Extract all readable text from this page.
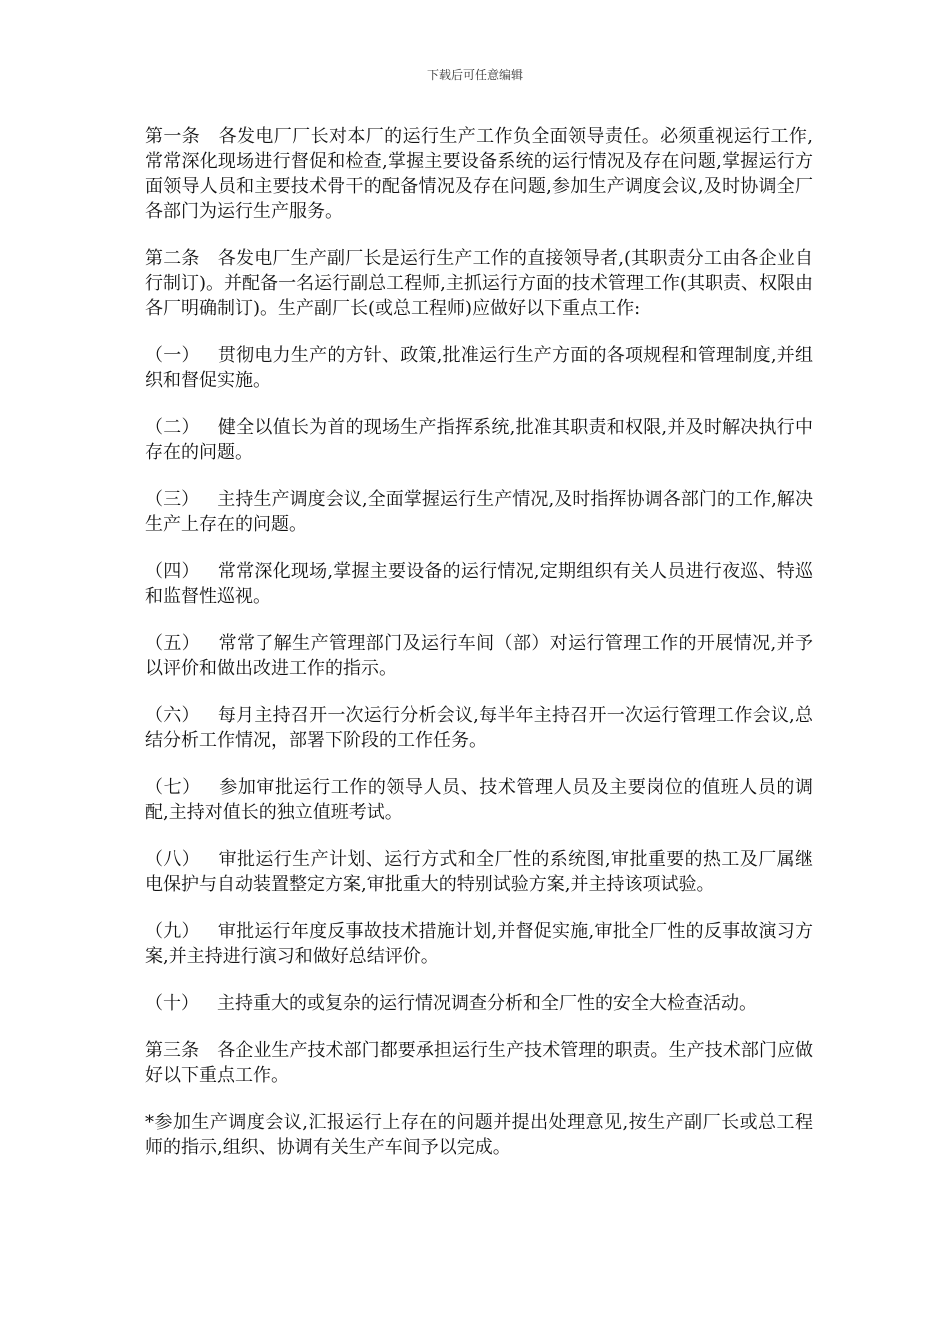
下载后可任意编辑

第一条  各发电厂厂长对本厂的运行生产工作负全面领导责任。必须重视运行工作,常常深化现场进行督促和检查,掌握主要设备系统的运行情况及存在问题,掌握运行方面领导人员和主要技术骨干的配备情况及存在问题,参加生产调度会议,及时协调全厂各部门为运行生产服务。

第二条  各发电厂生产副厂长是运行生产工作的直接领导者,(其职责分工由各企业自行制订)。并配备一名运行副总工程师,主抓运行方面的技术管理工作(其职责、权限由各厂明确制订)。生产副厂长(或总工程师)应做好以下重点工作:

（一）  贯彻电力生产的方针、政策,批准运行生产方面的各项规程和管理制度,并组织和督促实施。

（二）  健全以值长为首的现场生产指挥系统,批准其职责和权限,并及时解决执行中存在的问题。

（三）  主持生产调度会议,全面掌握运行生产情况,及时指挥协调各部门的工作,解决生产上存在的问题。

（四）  常常深化现场,掌握主要设备的运行情况,定期组织有关人员进行夜巡、特巡和监督性巡视。

（五）  常常了解生产管理部门及运行车间（部）对运行管理工作的开展情况,并予以评价和做出改进工作的指示。

（六）  每月主持召开一次运行分析会议,每半年主持召开一次运行管理工作会议,总结分析工作情况，部署下阶段的工作任务。

（七）  参加审批运行工作的领导人员、技术管理人员及主要岗位的值班人员的调配,主持对值长的独立值班考试。

（八）  审批运行生产计划、运行方式和全厂性的系统图,审批重要的热工及厂属继电保护与自动装置整定方案,审批重大的特别试验方案,并主持该项试验。

（九）  审批运行年度反事故技术措施计划,并督促实施,审批全厂性的反事故演习方案,并主持进行演习和做好总结评价。

（十）  主持重大的或复杂的运行情况调查分析和全厂性的安全大检查活动。

第三条  各企业生产技术部门都要承担运行生产技术管理的职责。生产技术部门应做好以下重点工作。

*参加生产调度会议,汇报运行上存在的问题并提出处理意见,按生产副厂长或总工程师的指示,组织、协调有关生产车间予以完成。
